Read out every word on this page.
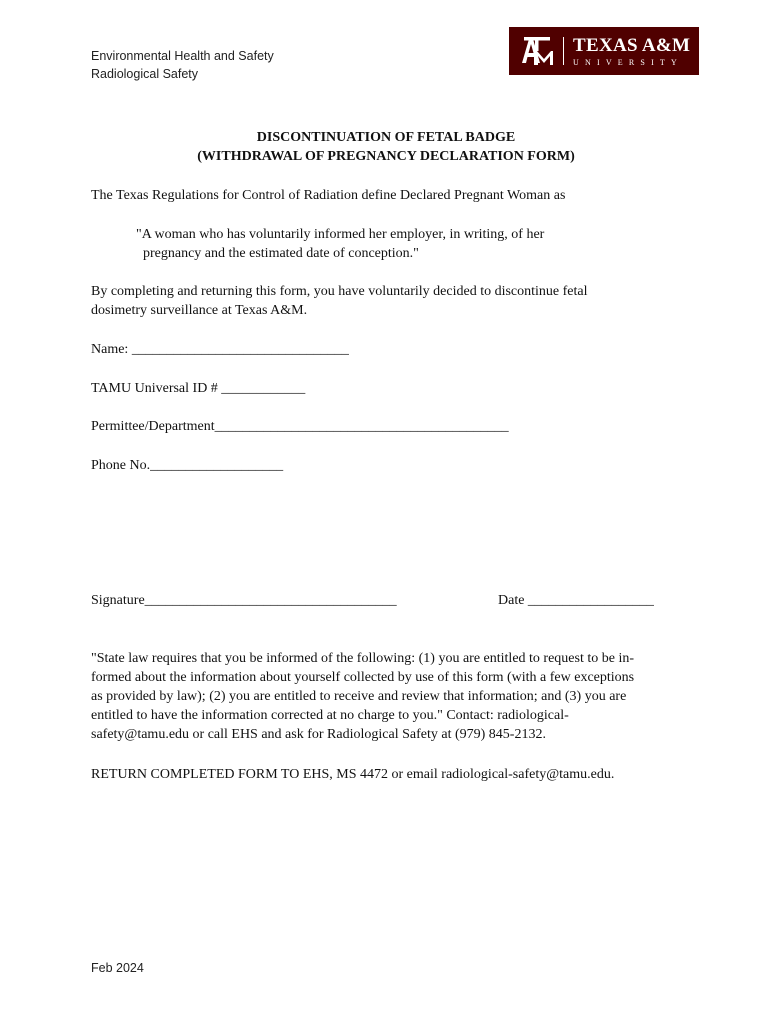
Environmental Health and Safety
Radiological Safety
TEXAS A&M
UNIVERSITY
DISCONTINUATION OF FETAL BADGE
(WITHDRAWAL OF PREGNANCY DECLARATION FORM)
The Texas Regulations for Control of Radiation define Declared Pregnant Woman as
"A woman who has voluntarily informed her employer, in writing, of her
pregnancy and the estimated date of conception."
By completing and returning this form, you have voluntarily decided to discontinue fetal
dosimetry surveillance at Texas A&M.
Name: _______________________________
TAMU Universal ID # ____________
Permittee/Department__________________________________________
Phone No.___________________
Signature____________________________________	Date __________________
"State law requires that you be informed of the following: (1) you are entitled to request to be in-
formed about the information about yourself collected by use of this form (with a few exceptions
as provided by law); (2) you are entitled to receive and review that information; and (3) you are
entitled to have the information corrected at no charge to you." Contact: radiological-
safety@tamu.edu or call EHS and ask for Radiological Safety at (979) 845-2132.
RETURN COMPLETED FORM TO EHS, MS 4472 or email radiological-safety@tamu.edu.
Feb 2024
